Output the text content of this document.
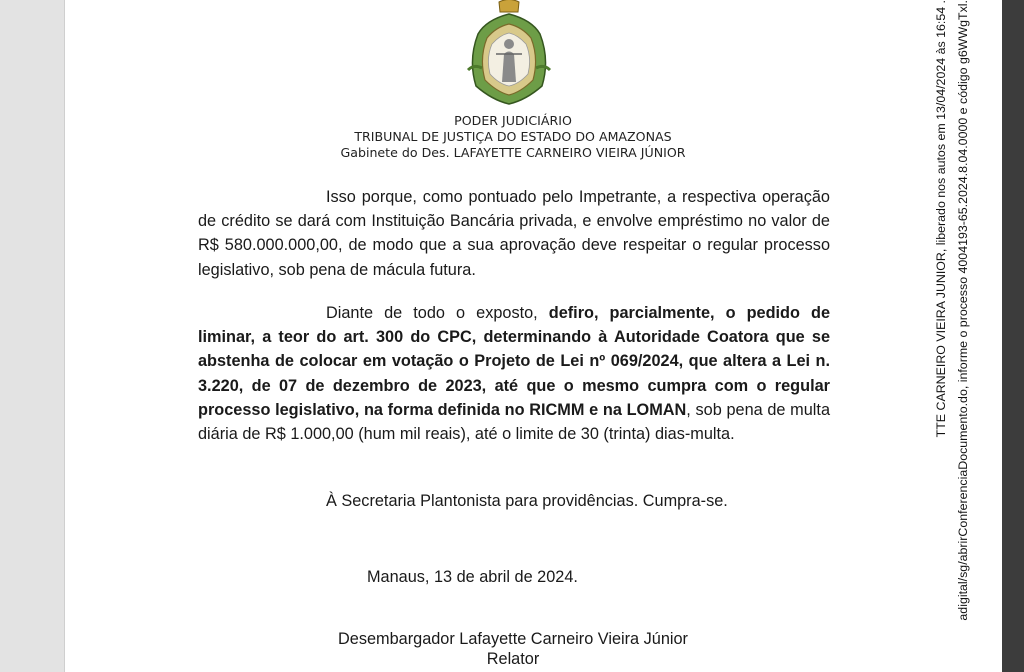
PODER JUDICIÁRIO
TRIBUNAL DE JUSTIÇA DO ESTADO DO AMAZONAS
Gabinete do Des. LAFAYETTE CARNEIRO VIEIRA JÚNIOR

Isso porque, como pontuado pelo Impetrante, a respectiva operação de crédito se dará com Instituição Bancária privada, e envolve empréstimo no valor de R$ 580.000.000,00, de modo que a sua aprovação deve respeitar o regular processo legislativo, sob pena de mácula futura.

Diante de todo o exposto, defiro, parcialmente, o pedido de liminar, a teor do art. 300 do CPC, determinando à Autoridade Coatora que se abstenha de colocar em votação o Projeto de Lei nº 069/2024, que altera a Lei n. 3.220, de 07 de dezembro de 2023, até que o mesmo cumpra com o regular processo legislativo, na forma definida no RICMM e na LOMAN, sob pena de multa diária de R$ 1.000,00 (hum mil reais), até o limite de 30 (trinta) dias-multa.

À Secretaria Plantonista para providências. Cumpra-se.
Manaus, 13 de abril de 2024.
Desembargador Lafayette Carneiro Vieira Júnior
Relator
TTE CARNEIRO VIEIRA JUNIOR, liberado nos autos em 13/04/2024 às 16:54 . adigital/sg/abrirConferenciaDocumento.do, informe o processo 4004193-65.2024.8.04.0000 e código g6WWgTxl.
